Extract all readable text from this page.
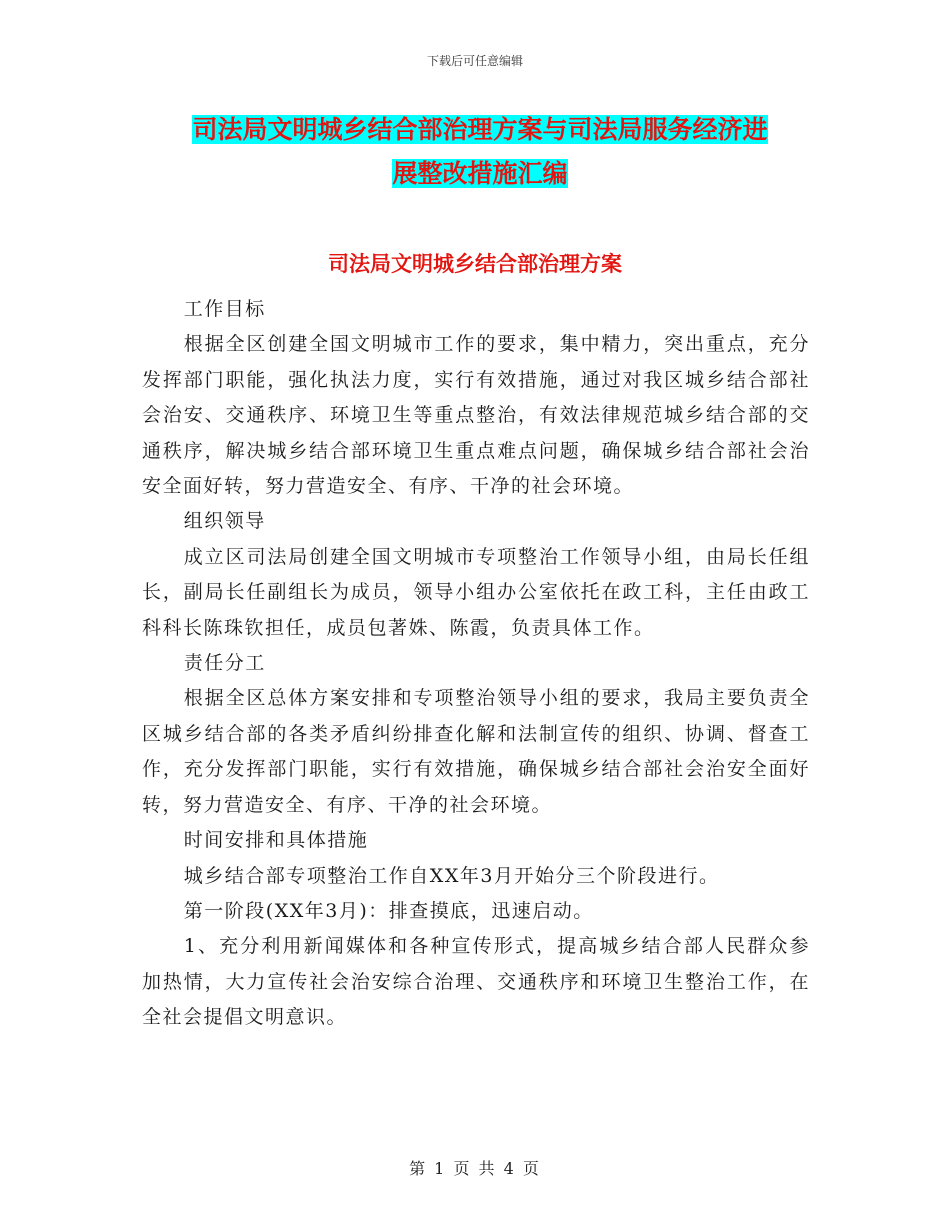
下载后可任意编辑
司法局文明城乡结合部治理方案与司法局服务经济进
展整改措施汇编
司法局文明城乡结合部治理方案

工作目标

根据全区创建全国文明城市工作的要求，集中精力，突出重点，充分发挥部门职能，强化执法力度，实行有效措施，通过对我区城乡结合部社会治安、交通秩序、环境卫生等重点整治，有效法律规范城乡结合部的交通秩序，解决城乡结合部环境卫生重点难点问题，确保城乡结合部社会治安全面好转，努力营造安全、有序、干净的社会环境。

组织领导

成立区司法局创建全国文明城市专项整治工作领导小组，由局长任组长，副局长任副组长为成员，领导小组办公室依托在政工科，主任由政工科科长陈珠钦担任，成员包著姝、陈霞，负责具体工作。

责任分工

根据全区总体方案安排和专项整治领导小组的要求，我局主要负责全区城乡结合部的各类矛盾纠纷排查化解和法制宣传的组织、协调、督查工作，充分发挥部门职能，实行有效措施，确保城乡结合部社会治安全面好转，努力营造安全、有序、干净的社会环境。

时间安排和具体措施

城乡结合部专项整治工作自XX年3月开始分三个阶段进行。

第一阶段(XX年3月)：排查摸底，迅速启动。

1、充分利用新闻媒体和各种宣传形式，提高城乡结合部人民群众参加热情，大力宣传社会治安综合治理、交通秩序和环境卫生整治工作，在全社会提倡文明意识。

第 1 页 共 4 页
